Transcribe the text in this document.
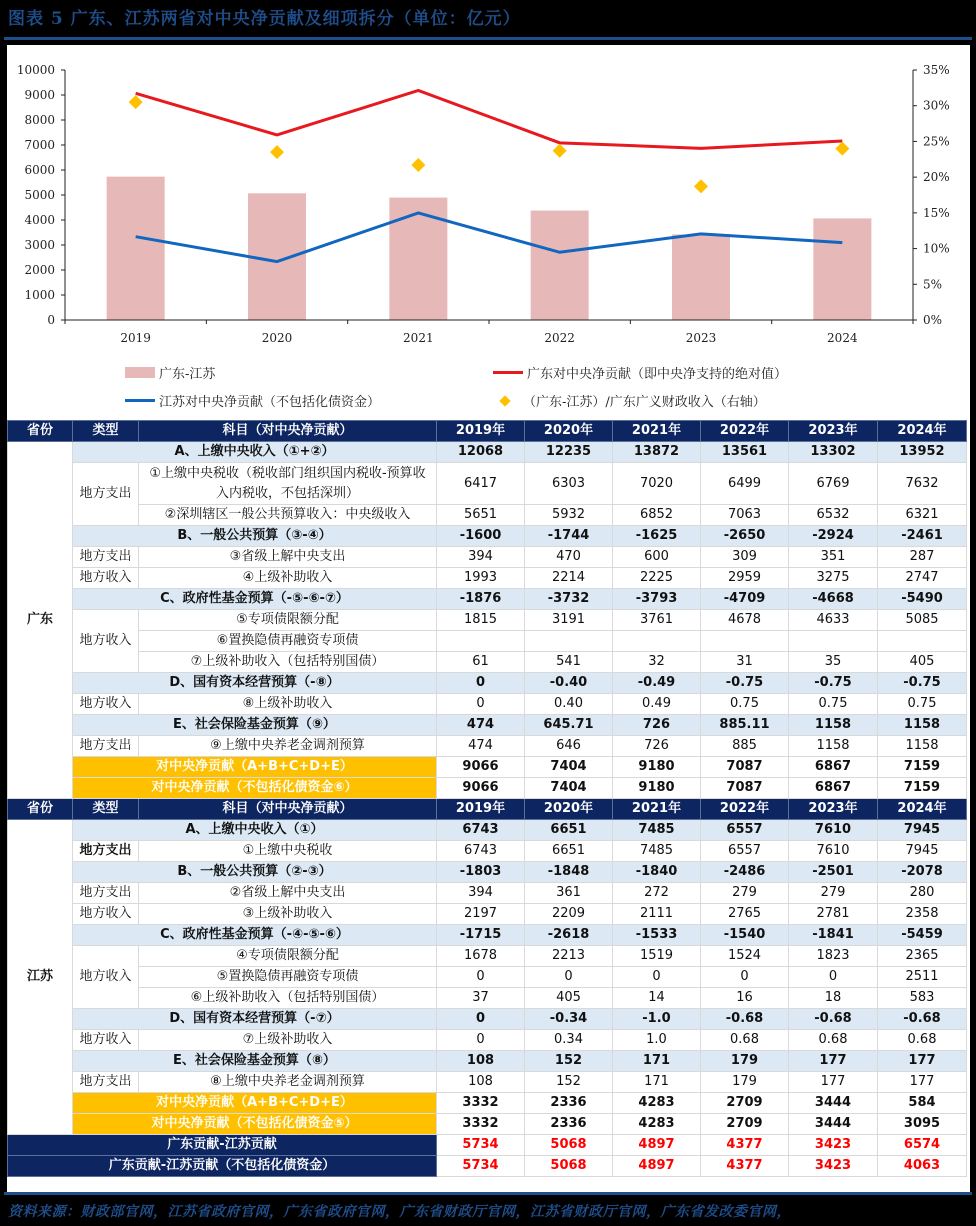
图表 5 广东、江苏两省对中央净贡献及细项拆分（单位：亿元）
0
1000
2000
3000
4000
5000
6000
7000
8000
9000
10000
0%
5%
10%
15%
20%
25%
30%
35%
2019	2020	2021	2022	2023	2024
广东-江苏	广东对中央净贡献（即中央净支持的绝对值）
江苏对中央净贡献（不包括化债资金）	（广东-江苏）/广东广义财政收入（右轴）
省份	类型	科目（对中央净贡献）	2019年	2020年	2021年	2022年	2023年	2024年
广东	A、上缴中央收入（①+②）		12068	12235	13872	13561	13302	13952
	地方支出	①上缴中央税收（税收部门组织国内税收-预算收入内税收，不包括深圳）	6417	6303	7020	6499	6769	7632
		②深圳辖区一般公共预算收入：中央级收入	5651	5932	6852	7063	6532	6321
	B、一般公共预算（③-④）		-1600	-1744	-1625	-2650	-2924	-2461
	地方支出	③省级上解中央支出	394	470	600	309	351	287
	地方收入	④上级补助收入	1993	2214	2225	2959	3275	2747
	C、政府性基金预算（-⑤-⑥-⑦）		-1876	-3732	-3793	-4709	-4668	-5490
	地方收入	⑤专项债限额分配	1815	3191	3761	4678	4633	5085
		⑥置换隐债再融资专项债						
		⑦上级补助收入（包括特别国债）	61	541	32	31	35	405
	D、国有资本经营预算（-⑧）		0	-0.40	-0.49	-0.75	-0.75	-0.75
	地方收入	⑧上级补助收入	0	0.40	0.49	0.75	0.75	0.75
	E、社会保险基金预算（⑨）		474	645.71	726	885.11	1158	1158
	地方支出	⑨上缴中央养老金调剂预算	474	646	726	885	1158	1158
	对中央净贡献（A+B+C+D+E）		9066	7404	9180	7087	6867	7159
	对中央净贡献（不包括化债资金⑥）		9066	7404	9180	7087	6867	7159
省份	类型	科目（对中央净贡献）	2019年	2020年	2021年	2022年	2023年	2024年
江苏	A、上缴中央收入（①）		6743	6651	7485	6557	7610	7945
	地方支出	①上缴中央税收	6743	6651	7485	6557	7610	7945
	B、一般公共预算（②-③）		-1803	-1848	-1840	-2486	-2501	-2078
	地方支出	②省级上解中央支出	394	361	272	279	279	280
	地方收入	③上级补助收入	2197	2209	2111	2765	2781	2358
	C、政府性基金预算（-④-⑤-⑥）		-1715	-2618	-1533	-1540	-1841	-5459
	地方收入	④专项债限额分配	1678	2213	1519	1524	1823	2365
		⑤置换隐债再融资专项债	0	0	0	0	0	2511
		⑥上级补助收入（包括特别国债）	37	405	14	16	18	583
	D、国有资本经营预算（-⑦）		0	-0.34	-1.0	-0.68	-0.68	-0.68
	地方收入	⑦上级补助收入	0	0.34	1.0	0.68	0.68	0.68
	E、社会保险基金预算（⑧）		108	152	171	179	177	177
	地方支出	⑧上缴中央养老金调剂预算	108	152	171	179	177	177
	对中央净贡献（A+B+C+D+E）		3332	2336	4283	2709	3444	584
	对中央净贡献（不包括化债资金⑤）		3332	2336	4283	2709	3444	3095
广东贡献-江苏贡献			5734	5068	4897	4377	3423	6574
广东贡献-江苏贡献（不包括化债资金）			5734	5068	4897	4377	3423	4063
资料来源：财政部官网，江苏省政府官网，广东省政府官网，广东省财政厅官网，江苏省财政厅官网，广东省发改委官网，
